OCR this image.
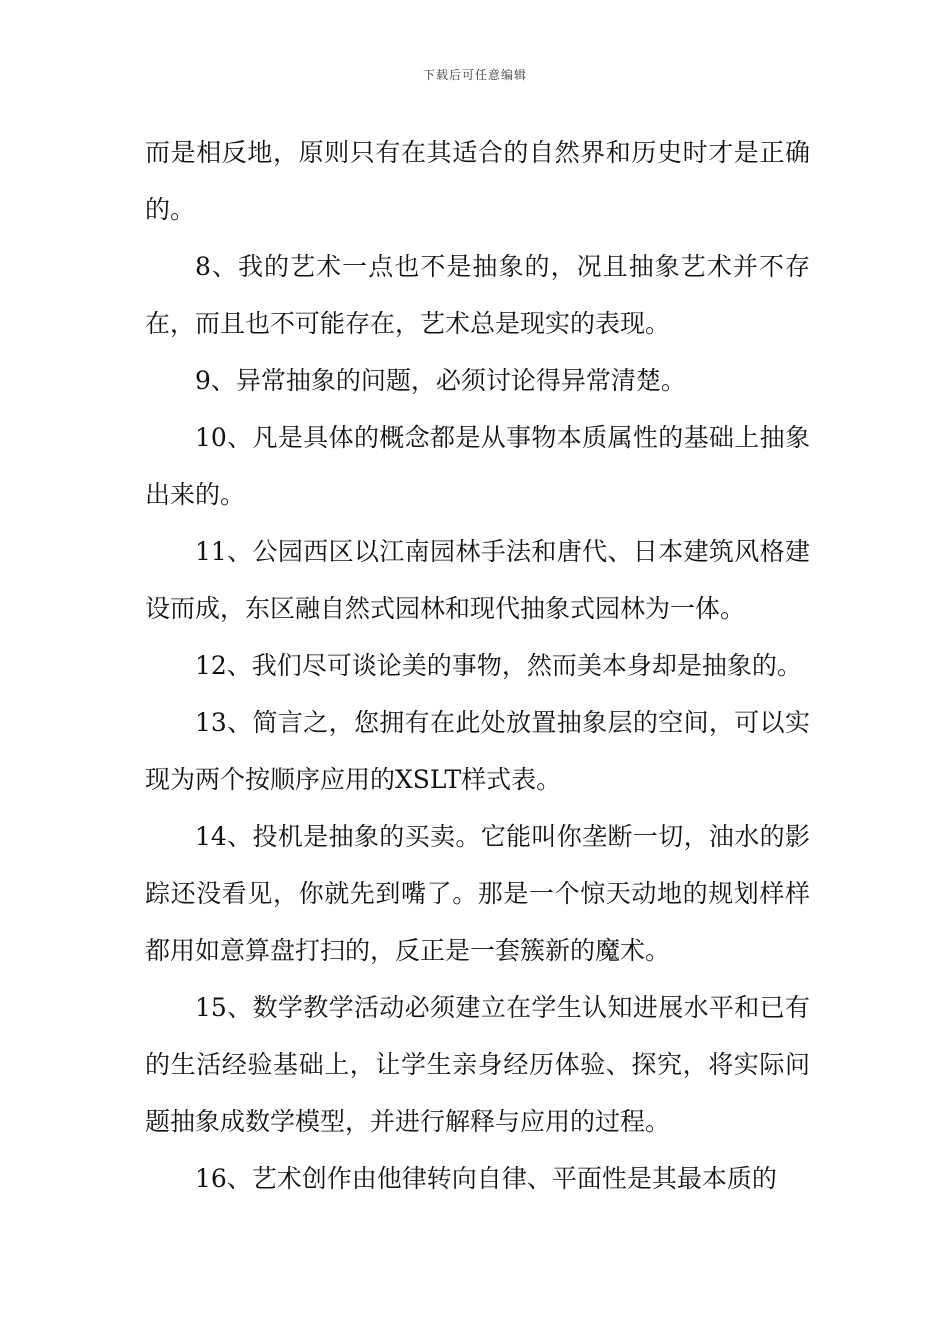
下载后可任意编辑

而是相反地，原则只有在其适合的自然界和历史时才是正确的。

8、我的艺术一点也不是抽象的，况且抽象艺术并不存在，而且也不可能存在，艺术总是现实的表现。

9、异常抽象的问题，必须讨论得异常清楚。

10、凡是具体的概念都是从事物本质属性的基础上抽象出来的。

11、公园西区以江南园林手法和唐代、日本建筑风格建设而成，东区融自然式园林和现代抽象式园林为一体。

12、我们尽可谈论美的事物，然而美本身却是抽象的。

13、简言之，您拥有在此处放置抽象层的空间，可以实现为两个按顺序应用的XSLT样式表。

14、投机是抽象的买卖。它能叫你垄断一切，油水的影踪还没看见，你就先到嘴了。那是一个惊天动地的规划样样都用如意算盘打扫的，反正是一套簇新的魔术。

15、数学教学活动必须建立在学生认知进展水平和已有的生活经验基础上，让学生亲身经历体验、探究，将实际问题抽象成数学模型，并进行解释与应用的过程。

16、艺术创作由他律转向自律、平面性是其最本质的
